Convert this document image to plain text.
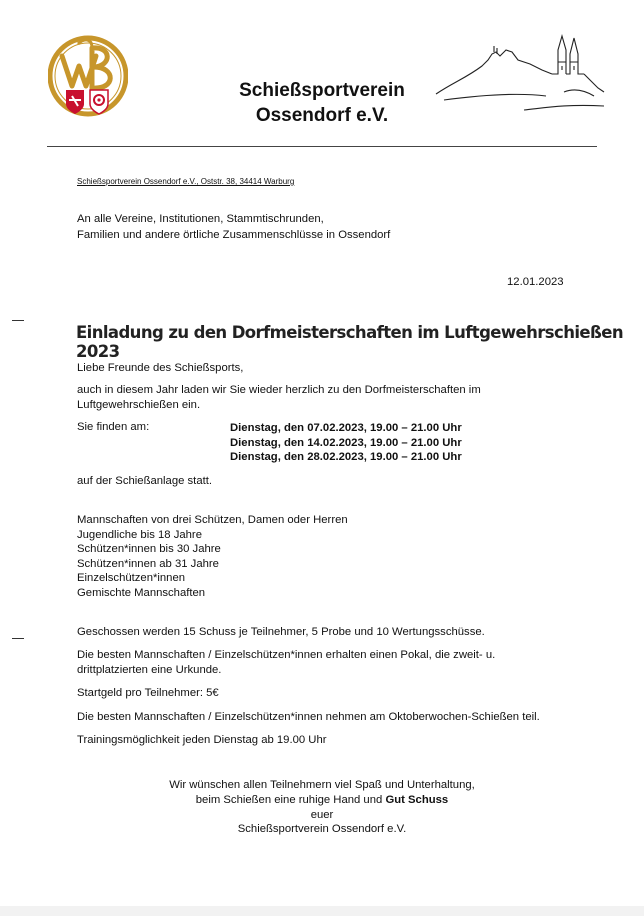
Schießsportverein
Ossendorf e.V.
Schießsportverein Ossendorf e.V., Oststr. 38, 34414 Warburg
An alle Vereine, Institutionen, Stammtischrunden,
Familien und andere örtliche Zusammenschlüsse in Ossendorf
12.01.2023
Einladung zu den Dorfmeisterschaften im Luftgewehrschießen 2023
Liebe Freunde des Schießsports,
auch in diesem Jahr laden wir Sie wieder herzlich zu den Dorfmeisterschaften im
Luftgewehrschießen ein.
Sie finden am:	Dienstag, den 07.02.2023, 19.00 – 21.00 Uhr
Dienstag, den 14.02.2023, 19.00 – 21.00 Uhr
Dienstag, den 28.02.2023, 19.00 – 21.00 Uhr
auf der Schießanlage statt.
Mannschaften von drei Schützen, Damen oder Herren
Jugendliche bis 18 Jahre
Schützen*innen bis 30 Jahre
Schützen*innen ab 31 Jahre
Einzelschützen*innen
Gemischte Mannschaften
Geschossen werden 15 Schuss je Teilnehmer, 5 Probe und 10 Wertungsschüsse.
Die besten Mannschaften / Einzelschützen*innen erhalten einen Pokal, die zweit- u.
drittplatzierten eine Urkunde.
Startgeld pro Teilnehmer: 5€
Die besten Mannschaften / Einzelschützen*innen nehmen am Oktoberwochen-Schießen teil.
Trainingsmöglichkeit jeden Dienstag ab 19.00 Uhr
Wir wünschen allen Teilnehmern viel Spaß und Unterhaltung,
beim Schießen eine ruhige Hand und Gut Schuss
euer
Schießsportverein Ossendorf e.V.
